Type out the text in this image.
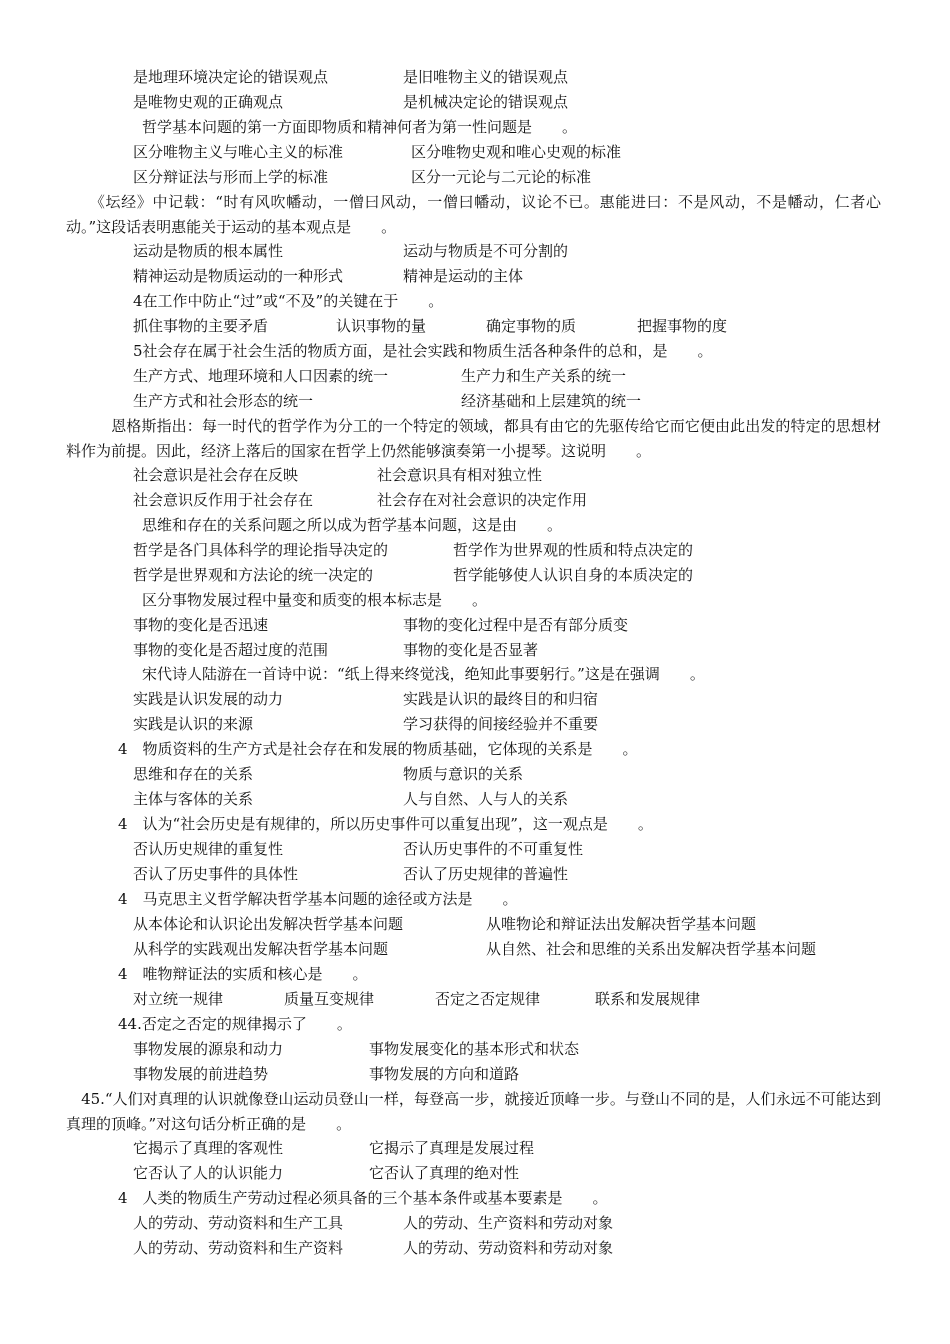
　　《坛经》中记载：“时有风吹幡动，一僧曰风动，一僧曰幡动，议论不已。惠能进曰：不是风动，不是幡动，仁者心动。”这段话表明惠能关于运动的基本观点是　　。
　　　恩格斯指出：每一时代的哲学作为分工的一个特定的领域，都具有由它的先驱传给它而它便由此出发的特定的思想材料作为前提。因此，经济上落后的国家在哲学上仍然能够演奏第一小提琴。这说明　　。
　45.“人们对真理的认识就像登山运动员登山一样，每登高一步，就接近顶峰一步。与登山不同的是，人们永远不可能达到真理的顶峰。”对这句话分析正确的是　　。
是地理环境决定论的错误观点	是旧唯物主义的错误观点
是唯物史观的正确观点	是机械决定论的错误观点
哲学基本问题的第一方面即物质和精神何者为第一性问题是　　。
区分唯物主义与唯心主义的标准	区分唯物史观和唯心史观的标准
区分辩证法与形而上学的标准	区分一元论与二元论的标准
运动是物质的根本属性	运动与物质是不可分割的
精神运动是物质运动的一种形式	精神是运动的主体
4在工作中防止“过”或“不及”的关键在于　　。
抓住事物的主要矛盾	认识事物的量	确定事物的质	把握事物的度
5社会存在属于社会生活的物质方面，是社会实践和物质生活各种条件的总和，是　　。
生产方式、地理环境和人口因素的统一	生产力和生产关系的统一
生产方式和社会形态的统一	经济基础和上层建筑的统一
社会意识是社会存在反映	社会意识具有相对独立性
社会意识反作用于社会存在	社会存在对社会意识的决定作用
思维和存在的关系问题之所以成为哲学基本问题，这是由　　。
哲学是各门具体科学的理论指导决定的	哲学作为世界观的性质和特点决定的
哲学是世界观和方法论的统一决定的	哲学能够使人认识自身的本质决定的
区分事物发展过程中量变和质变的根本标志是　　。
事物的变化是否迅速	事物的变化过程中是否有部分质变
事物的变化是否超过度的范围	事物的变化是否显著
宋代诗人陆游在一首诗中说：“纸上得来终觉浅，绝知此事要躬行。”这是在强调　　。
实践是认识发展的动力	实践是认识的最终目的和归宿
实践是认识的来源	学习获得的间接经验并不重要
4　物质资料的生产方式是社会存在和发展的物质基础，它体现的关系是　　。
思维和存在的关系	物质与意识的关系
主体与客体的关系	人与自然、人与人的关系
4　认为“社会历史是有规律的，所以历史事件可以重复出现”，这一观点是　　。
否认历史规律的重复性	否认历史事件的不可重复性
否认了历史事件的具体性	否认了历史规律的普遍性
4　马克思主义哲学解决哲学基本问题的途径或方法是　　。
从本体论和认识论出发解决哲学基本问题	从唯物论和辩证法出发解决哲学基本问题
从科学的实践观出发解决哲学基本问题	从自然、社会和思维的关系出发解决哲学基本问题
4　唯物辩证法的实质和核心是　　。
对立统一规律	质量互变规律	否定之否定规律	联系和发展规律
44.否定之否定的规律揭示了　　。
事物发展的源泉和动力	事物发展变化的基本形式和状态
事物发展的前进趋势	事物发展的方向和道路
它揭示了真理的客观性	它揭示了真理是发展过程
它否认了人的认识能力	它否认了真理的绝对性
4　人类的物质生产劳动过程必须具备的三个基本条件或基本要素是　　。
人的劳动、劳动资料和生产工具	人的劳动、生产资料和劳动对象
人的劳动、劳动资料和生产资料	人的劳动、劳动资料和劳动对象
